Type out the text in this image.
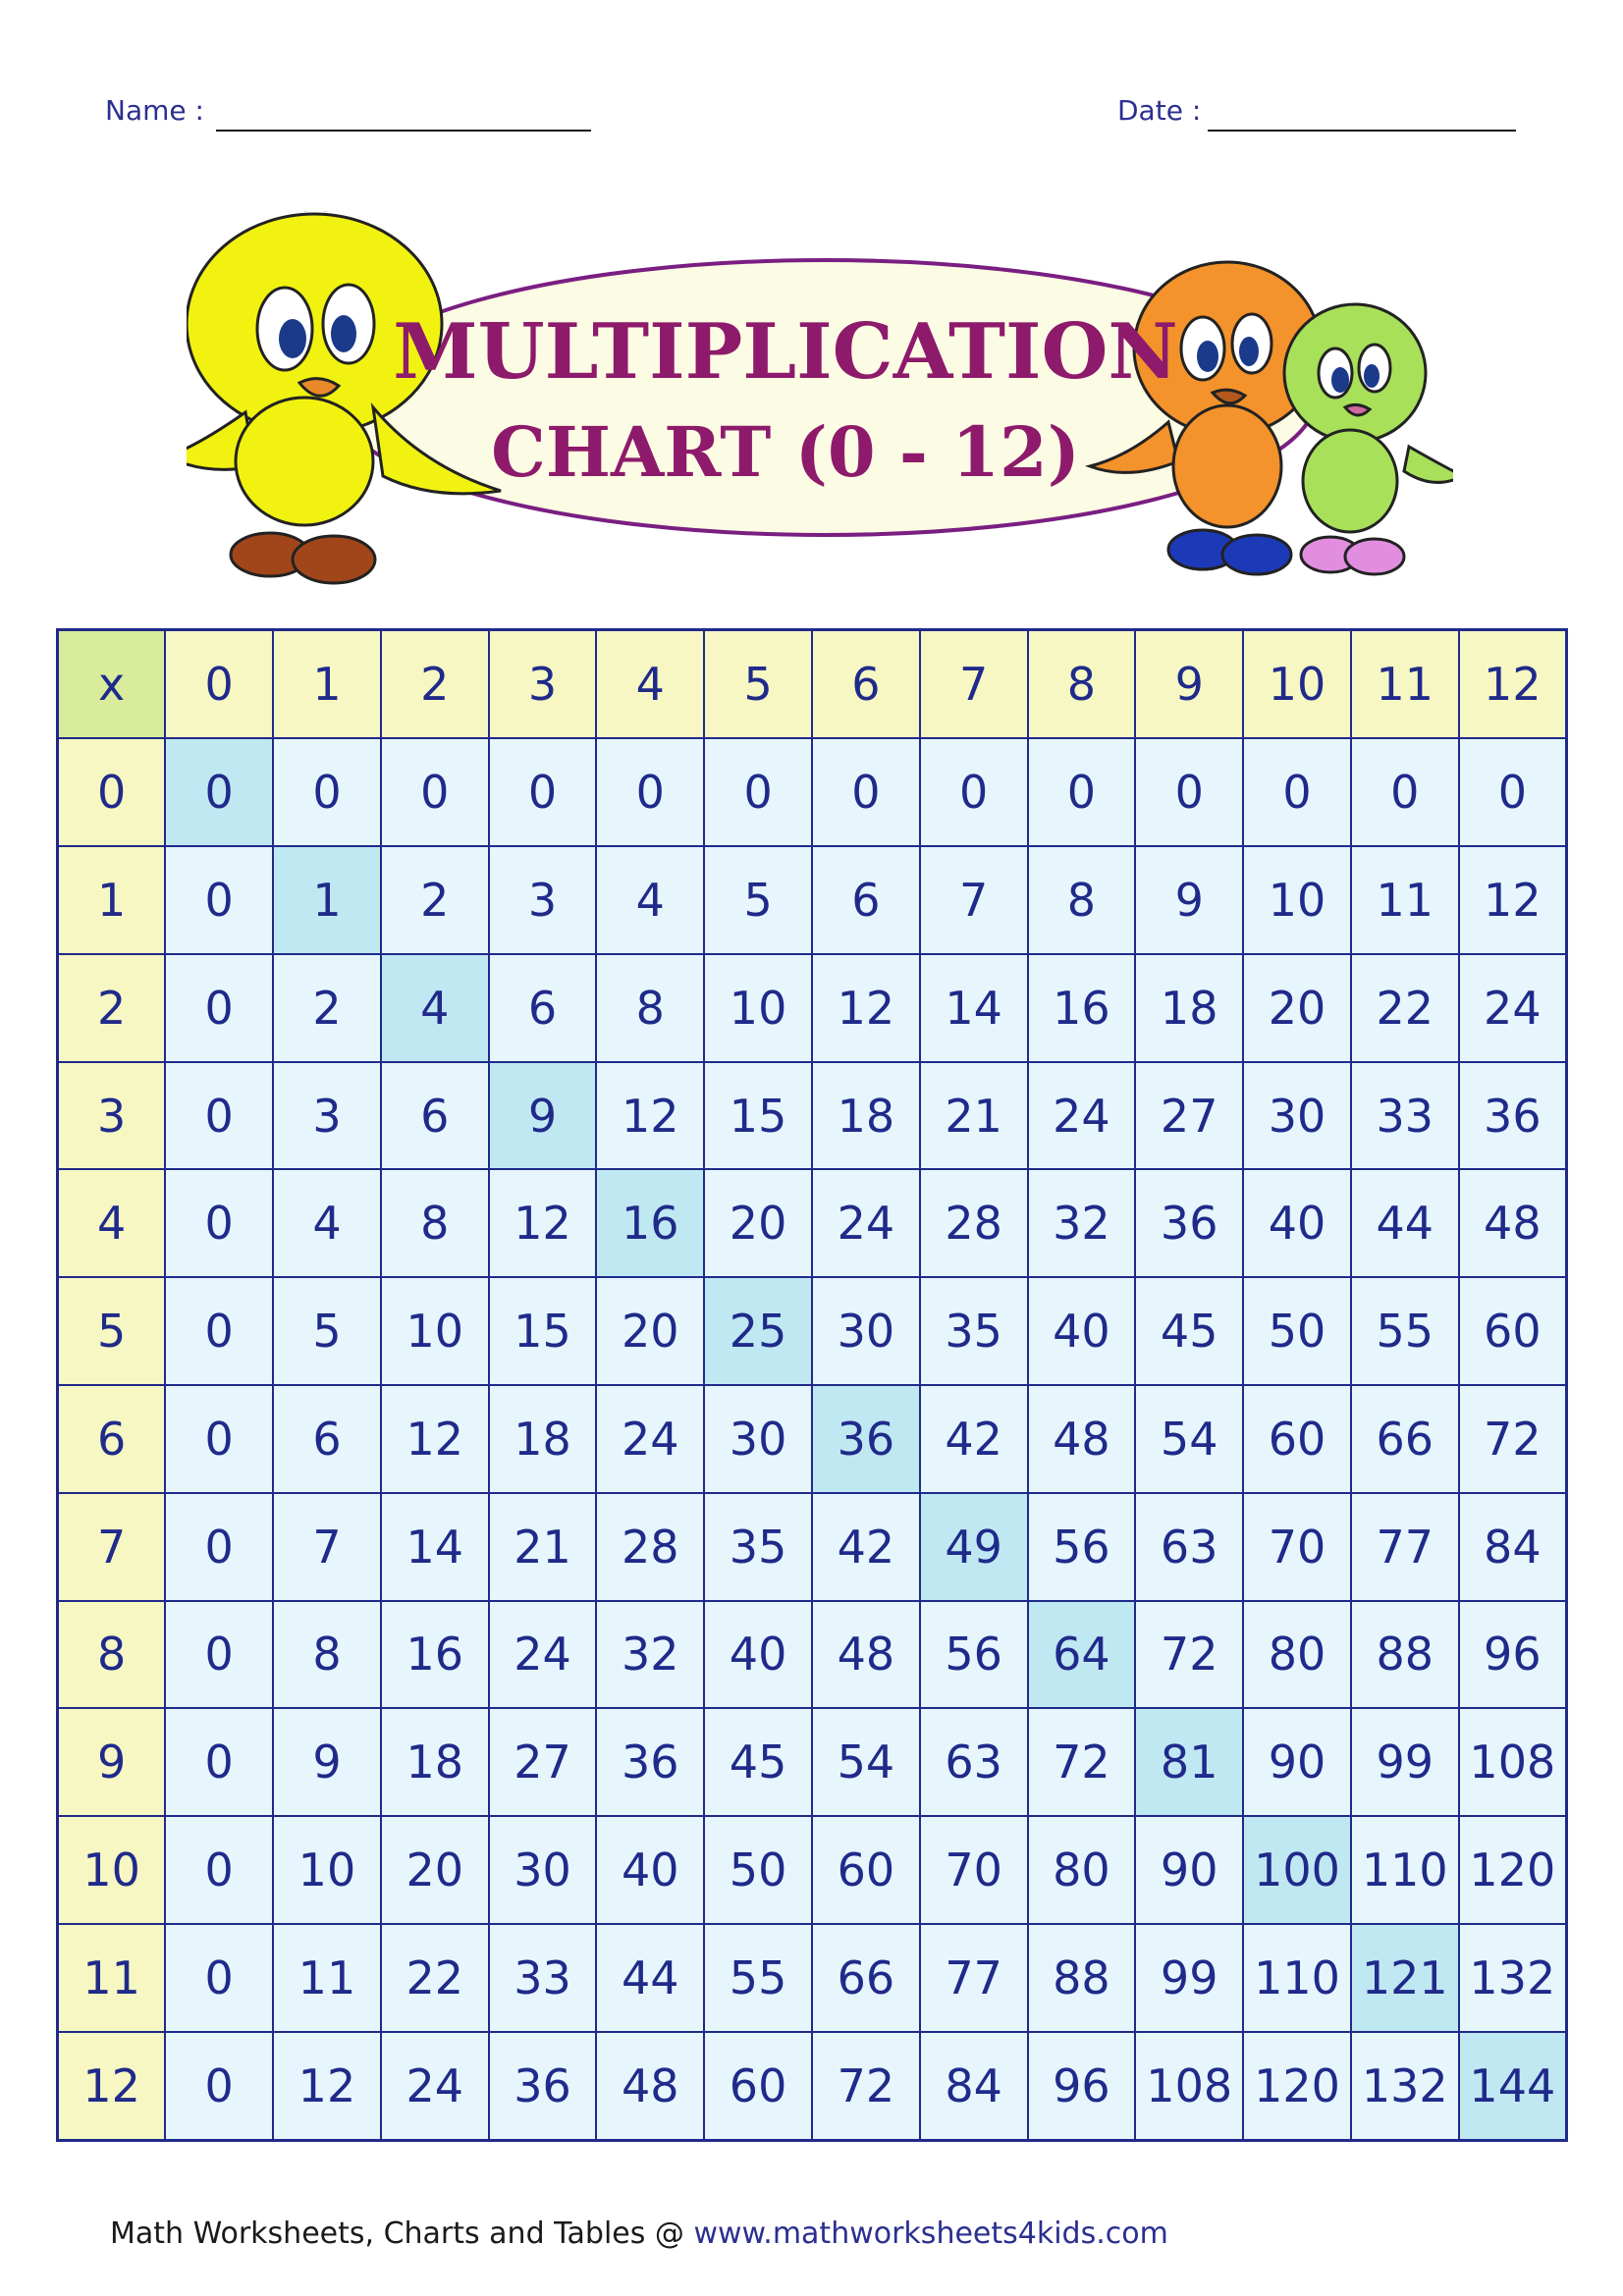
Name :	Date :
MULTIPLICATION
CHART (0 - 12)
x	0	1	2	3	4	5	6	7	8	9	10	11	12
0	0	0	0	0	0	0	0	0	0	0	0	0	0
1	0	1	2	3	4	5	6	7	8	9	10	11	12
2	0	2	4	6	8	10	12	14	16	18	20	22	24
3	0	3	6	9	12	15	18	21	24	27	30	33	36
4	0	4	8	12	16	20	24	28	32	36	40	44	48
5	0	5	10	15	20	25	30	35	40	45	50	55	60
6	0	6	12	18	24	30	36	42	48	54	60	66	72
7	0	7	14	21	28	35	42	49	56	63	70	77	84
8	0	8	16	24	32	40	48	56	64	72	80	88	96
9	0	9	18	27	36	45	54	63	72	81	90	99	108
10	0	10	20	30	40	50	60	70	80	90	100	110	120
11	0	11	22	33	44	55	66	77	88	99	110	121	132
12	0	12	24	36	48	60	72	84	96	108	120	132	144
Math Worksheets, Charts and Tables @ www.mathworksheets4kids.com
